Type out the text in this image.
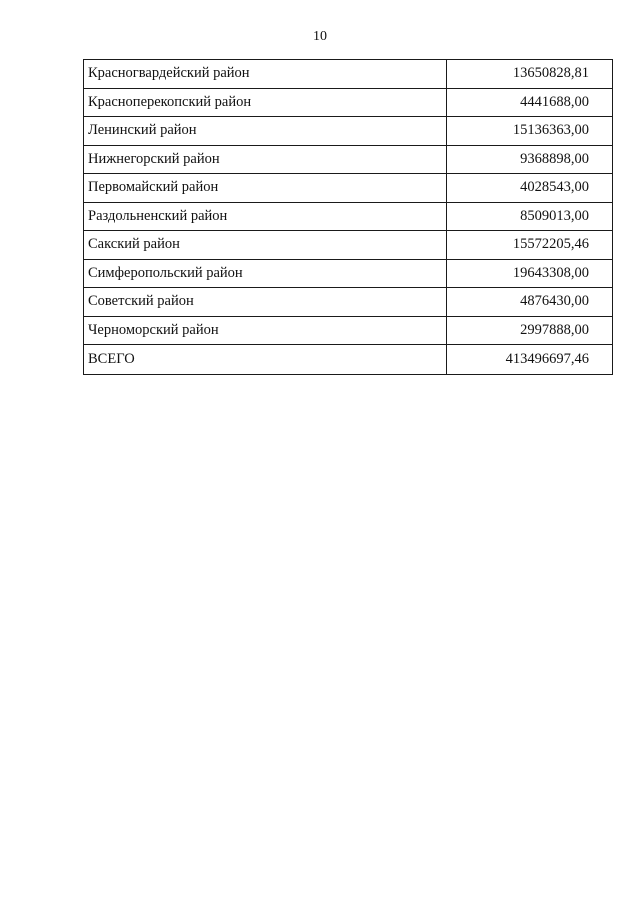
10
Красногвардейский район	13650828,81
Красноперекопский район	4441688,00
Ленинский район	15136363,00
Нижнегорский район	9368898,00
Первомайский район	4028543,00
Раздольненский район	8509013,00
Сакский район	15572205,46
Симферопольский район	19643308,00
Советский район	4876430,00
Черноморский район	2997888,00
ВСЕГО	413496697,46
